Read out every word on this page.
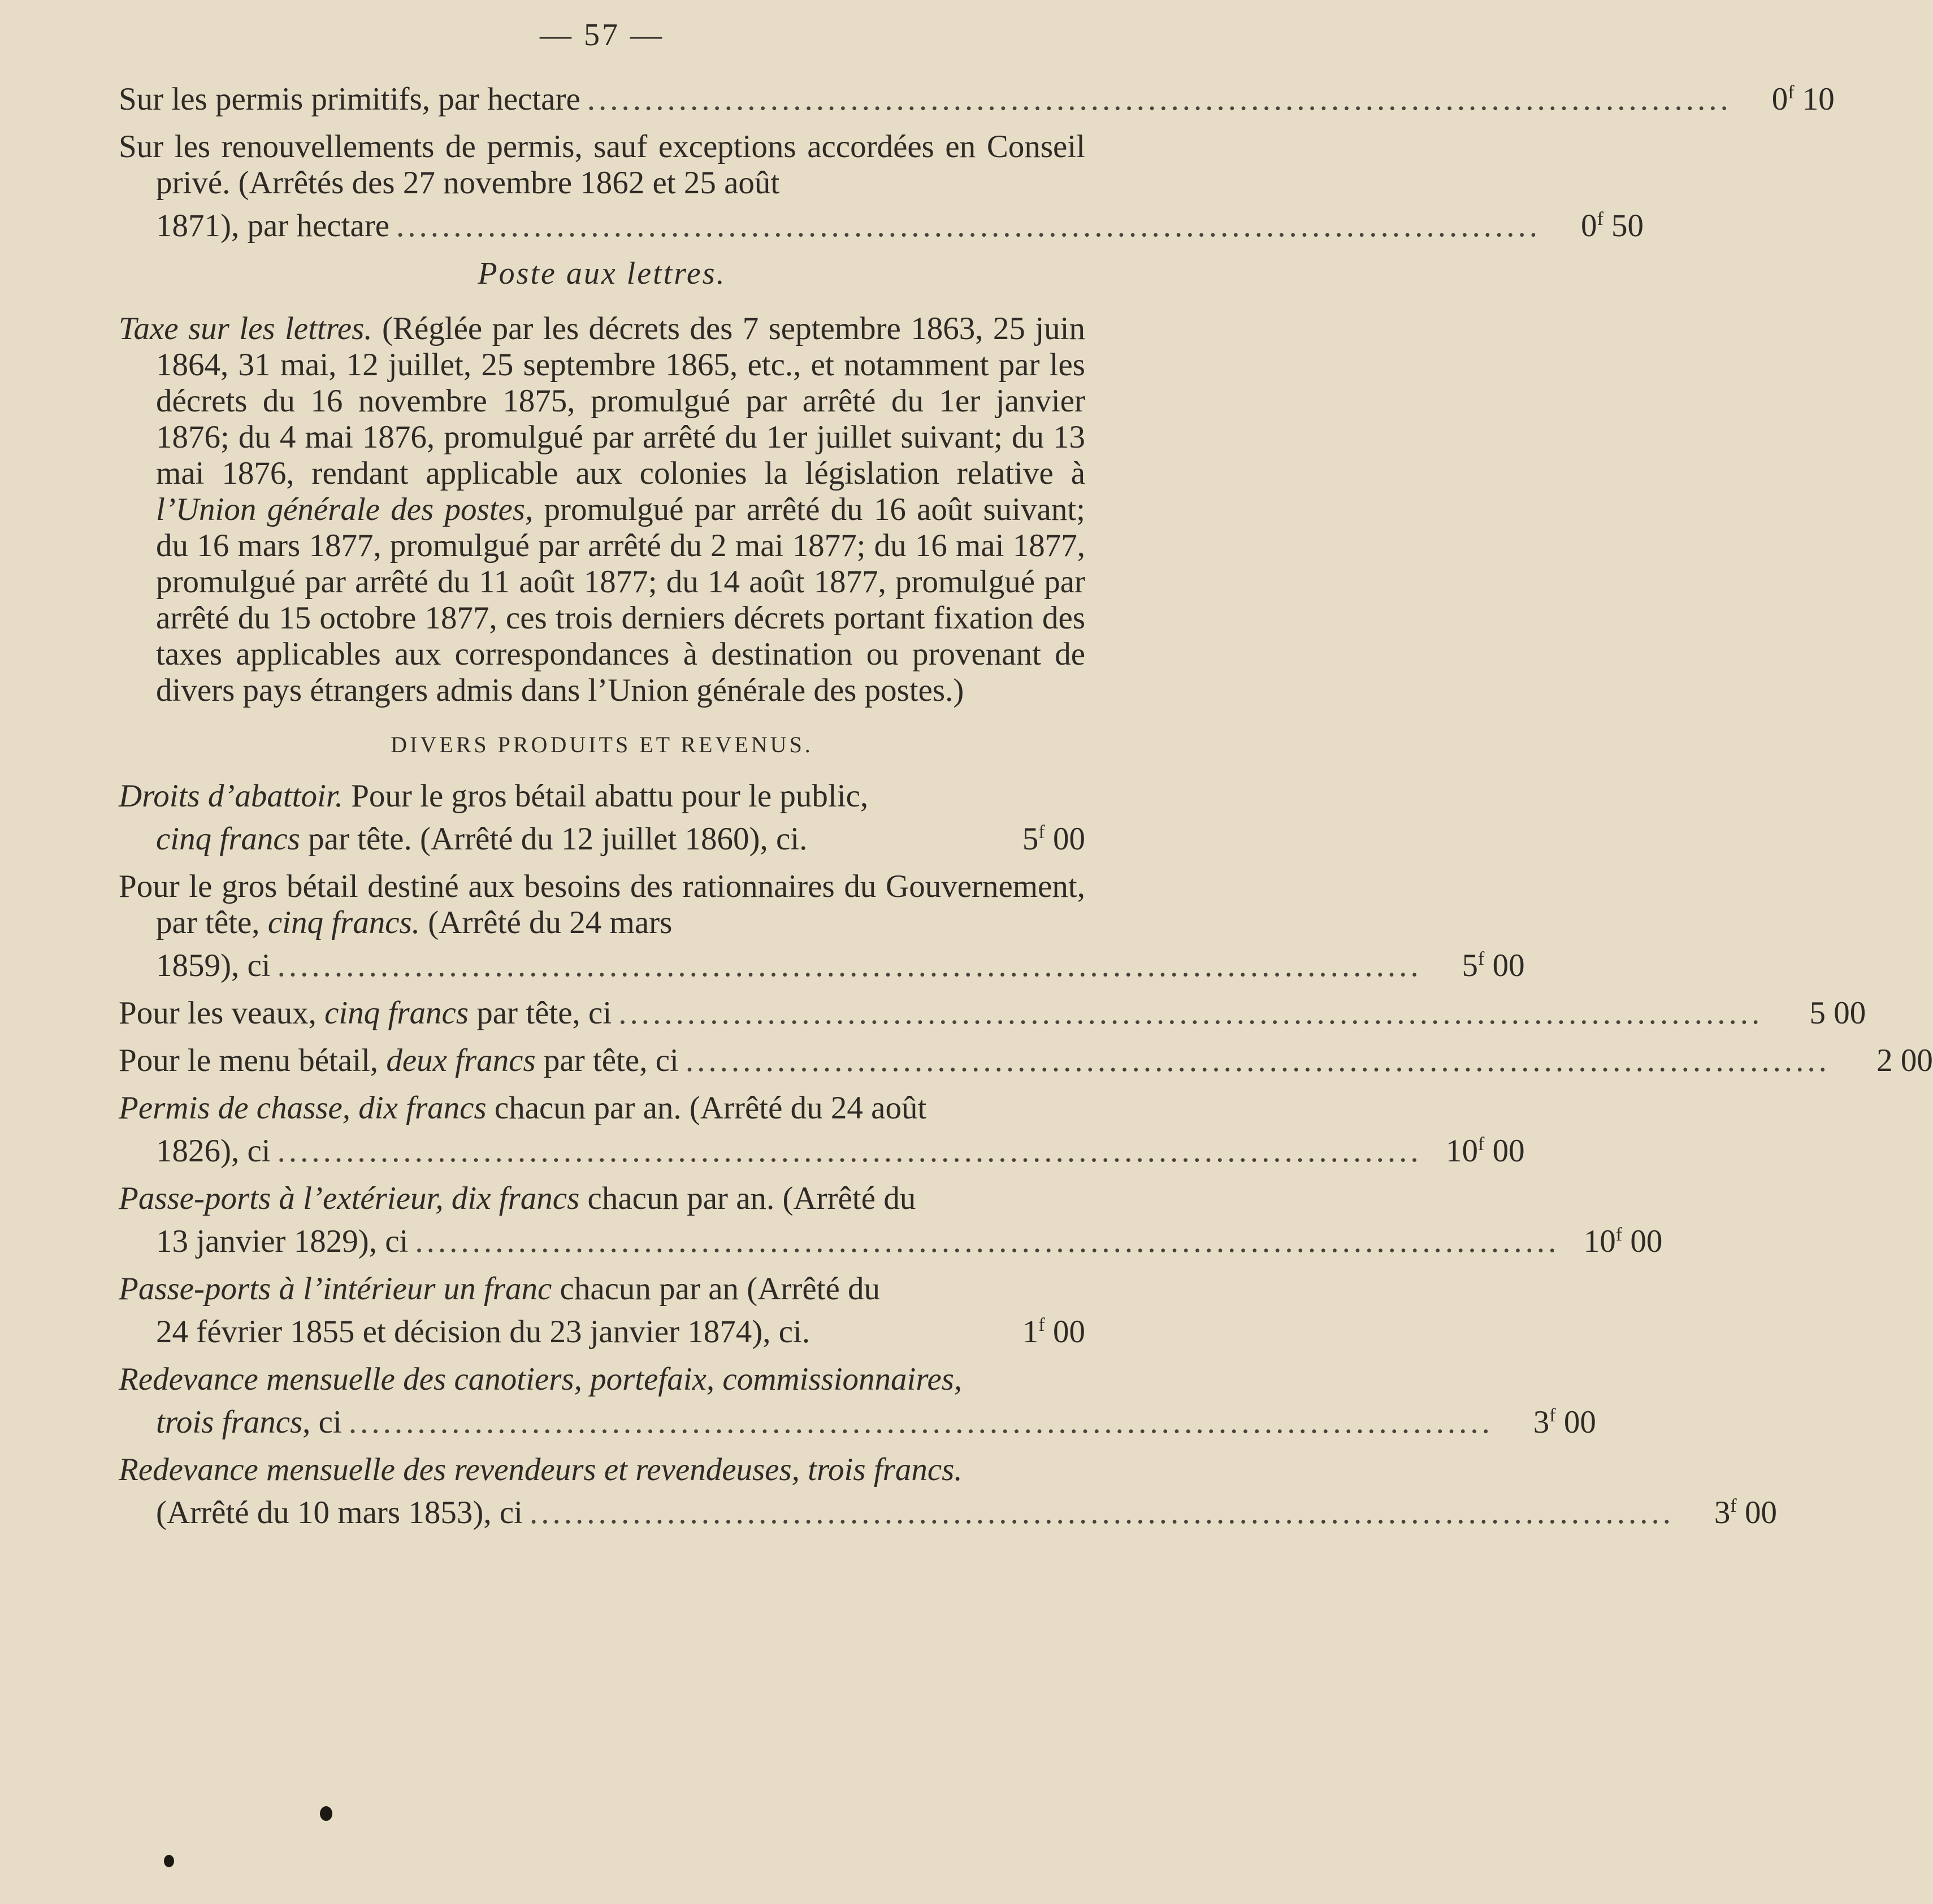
— 57 —
Sur les permis primitifs, par hectare ....................................................................................................	0$^f$ 10
Sur les renouvellements de permis, sauf exceptions accordées en Conseil privé. (Arrêtés des 27 novembre 1862 et 25 août
1871), par hectare ....................................................................................................	0$^f$ 50
Poste aux lettres.
Taxe sur les lettres. (Réglée par les décrets des 7 septembre 1863, 25 juin 1864, 31 mai, 12 juillet, 25 septembre 1865, etc., et notamment par les décrets du 16 novembre 1875, promulgué par arrêté du 1er janvier 1876; du 4 mai 1876, promulgué par arrêté du 1er juillet suivant; du 13 mai 1876, rendant applicable aux colonies la législation relative à l’Union générale des postes, promulgué par arrêté du 16 août suivant; du 16 mars 1877, promulgué par arrêté du 2 mai 1877; du 16 mai 1877, promulgué par arrêté du 11 août 1877; du 14 août 1877, promulgué par arrêté du 15 octobre 1877, ces trois derniers décrets portant fixation des taxes applicables aux correspondances à destination ou provenant de divers pays étrangers admis dans l’Union générale des postes.)
DIVERS PRODUITS ET REVENUS.
Droits d’abattoir. Pour le gros bétail abattu pour le public,
cinq francs par tête. (Arrêté du 12 juillet 1860), ci.	5$^f$ 00
Pour le gros bétail destiné aux besoins des rationnaires du Gouvernement, par tête, cinq francs. (Arrêté du 24 mars
1859), ci ....................................................................................................	5$^f$ 00
Pour les veaux, cinq francs par tête, ci ....................................................................................................	5 00
Pour le menu bétail, deux francs par tête, ci ....................................................................................................	2 00
Permis de chasse, dix francs chacun par an. (Arrêté du 24 août
1826), ci .................................................................................................... 10$^f$ 00
Passe-ports à l’extérieur, dix francs chacun par an. (Arrêté du
13 janvier 1829), ci .................................................................................................... 10$^f$ 00
Passe-ports à l’intérieur un franc chacun par an (Arrêté du
24 février 1855 et décision du 23 janvier 1874), ci.	1$^f$ 00
Redevance mensuelle des canotiers, portefaix, commissionnaires,
trois francs, ci ....................................................................................................	3$^f$ 00
Redevance mensuelle des revendeurs et revendeuses, trois francs.
(Arrêté du 10 mars 1853), ci ....................................................................................................	3$^f$ 00
